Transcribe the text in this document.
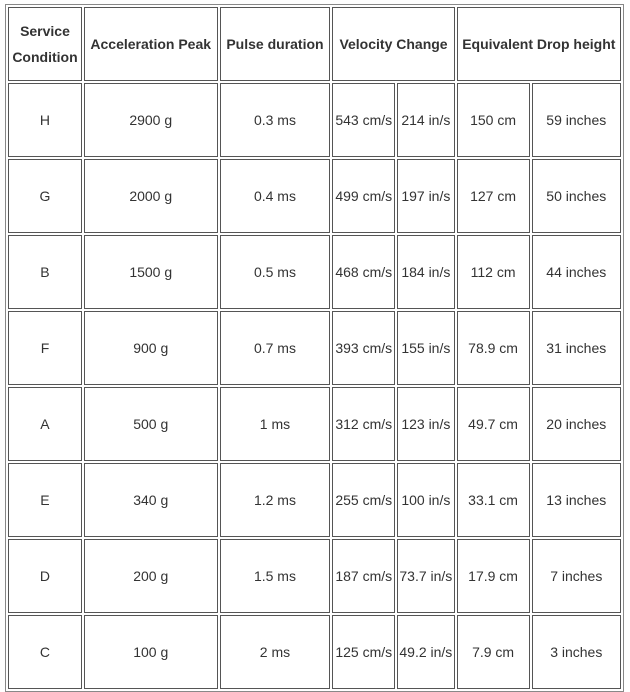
Service Condition	Acceleration Peak	Pulse duration	Velocity Change		Equivalent Drop height	
H	2900 g	0.3 ms	543 cm/s	214 in/s	150 cm	59 inches
G	2000 g	0.4 ms	499 cm/s	197 in/s	127 cm	50 inches
B	1500 g	0.5 ms	468 cm/s	184 in/s	112 cm	44 inches
F	900 g	0.7 ms	393 cm/s	155 in/s	78.9 cm	31 inches
A	500 g	1 ms	312 cm/s	123 in/s	49.7 cm	20 inches
E	340 g	1.2 ms	255 cm/s	100 in/s	33.1 cm	13 inches
D	200 g	1.5 ms	187 cm/s	73.7 in/s	17.9 cm	7 inches
C	100 g	2 ms	125 cm/s	49.2 in/s	7.9 cm	3 inches
